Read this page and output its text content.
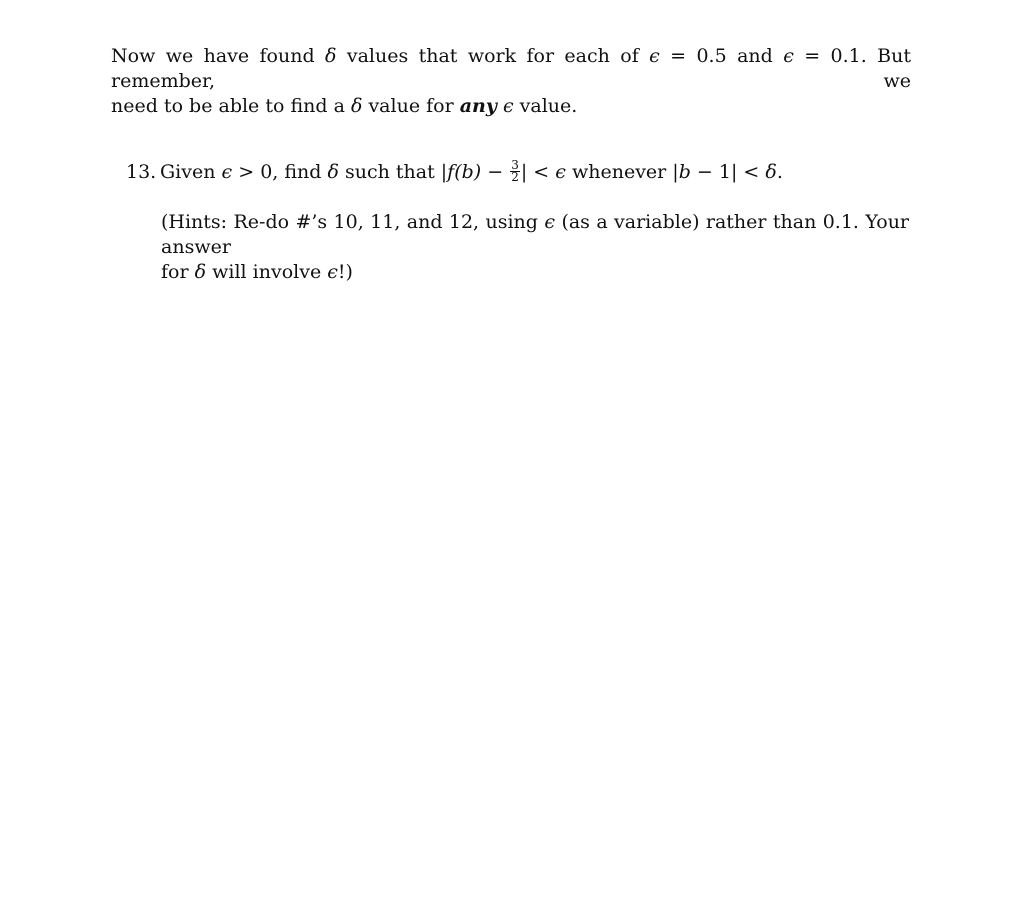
Now we have found δ values that work for each of ϵ = 0.5 and ϵ = 0.1. But remember, we
need to be able to find a δ value for any ϵ value.
13. Given ϵ > 0, find δ such that $|f(b) - \frac{3}{2}$ | < ϵ whenever |b − 1| < δ.
(Hints: Re-do #’s 10, 11, and 12, using ϵ (as a variable) rather than 0.1. Your answer
for δ will involve ϵ!)
